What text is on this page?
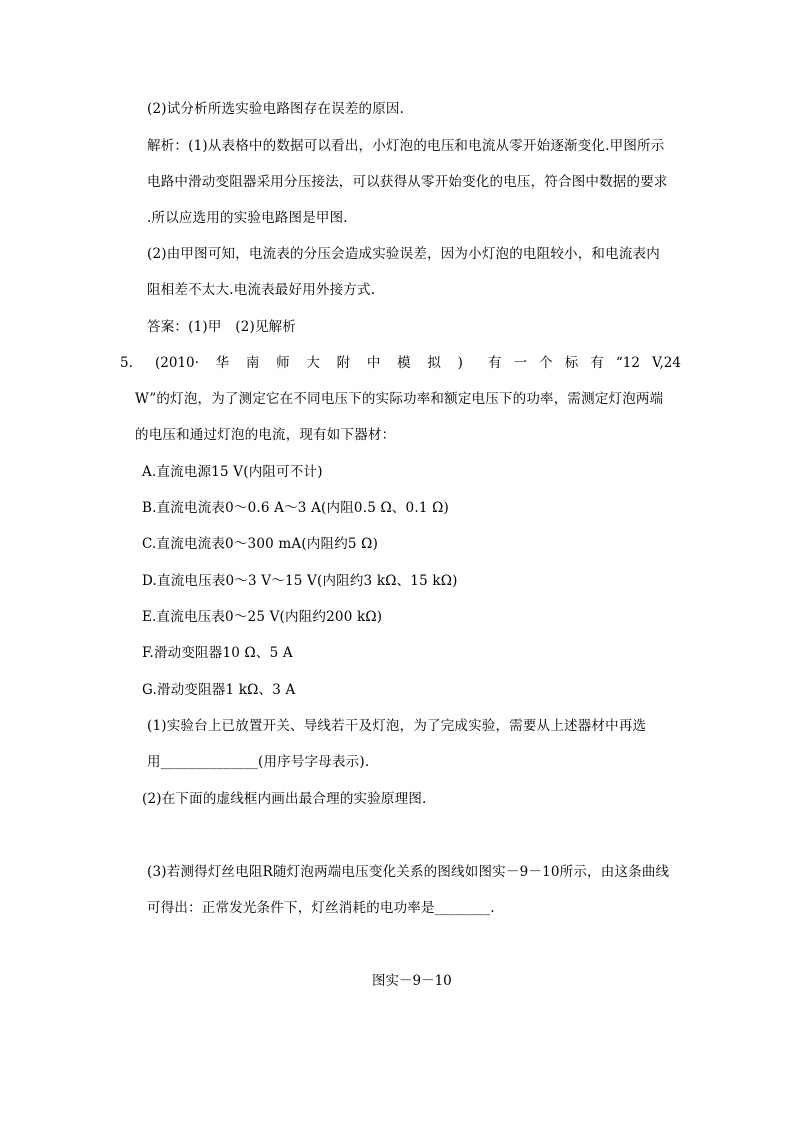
(2)试分析所选实验电路图存在误差的原因.
解析：(1)从表格中的数据可以看出，小灯泡的电压和电流从零开始逐渐变化.甲图所示
电路中滑动变阻器采用分压接法，可以获得从零开始变化的电压，符合图中数据的要求
.所以应选用的实验电路图是甲图.
(2)由甲图可知，电流表的分压会造成实验误差，因为小灯泡的电阻较小，和电流表内
阻相差不太大.电流表最好用外接方式.
答案：(1)甲　(2)见解析
5. (2010· 华 南 师 大 附 中 模 拟 ) 有 一 个 标 有 “12 V,24
W”的灯泡，为了测定它在不同电压下的实际功率和额定电压下的功率，需测定灯泡两端
的电压和通过灯泡的电流，现有如下器材：
A.直流电源15 V(内阻可不计)
B.直流电流表0～0.6 A～3 A(内阻0.5 Ω、0.1 Ω)
C.直流电流表0～300 mA(内阻约5 Ω)
D.直流电压表0～3 V～15 V(内阻约3 kΩ、15 kΩ)
E.直流电压表0～25 V(内阻约200 kΩ)
F.滑动变阻器10 Ω、5 A
G.滑动变阻器1 kΩ、3 A
(1)实验台上已放置开关、导线若干及灯泡，为了完成实验，需要从上述器材中再选
用______________(用序号字母表示).
(2)在下面的虚线框内画出最合理的实验原理图.
(3)若测得灯丝电阻R随灯泡两端电压变化关系的图线如图实－9－10所示，由这条曲线
可得出：正常发光条件下，灯丝消耗的电功率是________.
图实－9－10
